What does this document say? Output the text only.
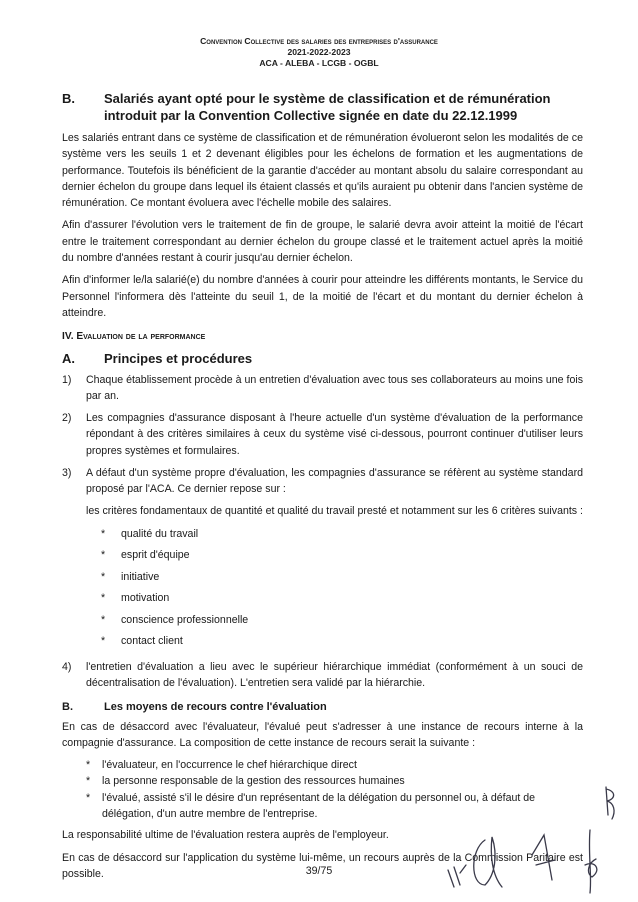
Convention Collective des salaries des entreprises d'assurance
2021-2022-2023
ACA - ALEBA - LCGB - OGBL
B.	Salariés ayant opté pour le système de classification et de rémunération introduit par la Convention Collective signée en date du 22.12.1999

Les salariés entrant dans ce système de classification et de rémunération évolueront selon les modalités de ce système vers les seuils 1 et 2 devenant éligibles pour les échelons de formation et les augmentations de performance. Toutefois ils bénéficient de la garantie d'accéder au montant absolu du salaire correspondant au dernier échelon du groupe dans lequel ils étaient classés et qu'ils auraient pu obtenir dans l'ancien système de rémunération. Ce montant évoluera avec l'échelle mobile des salaires.

Afin d'assurer l'évolution vers le traitement de fin de groupe, le salarié devra avoir atteint la moitié de l'écart entre le traitement correspondant au dernier échelon du groupe classé et le traitement actuel après la moitié du nombre d'années restant à courir jusqu'au dernier échelon.

Afin d'informer le/la salarié(e) du nombre d'années à courir pour atteindre les différents montants, le Service du Personnel l'informera dès l'atteinte du seuil 1, de la moitié de l'écart et du montant du dernier échelon à atteindre.

IV. Evaluation de la performance
A.	Principes et procédures
1)	Chaque établissement procède à un entretien d'évaluation avec tous ses collaborateurs au moins une fois par an.
2)	Les compagnies d'assurance disposant à l'heure actuelle d'un système d'évaluation de la performance répondant à des critères similaires à ceux du système visé ci-dessous, pourront continuer d'utiliser leurs propres systèmes et formulaires.
3)	A défaut d'un système propre d'évaluation, les compagnies d'assurance se réfèrent au système standard proposé par l'ACA. Ce dernier repose sur :

les critères fondamentaux de quantité et qualité du travail presté et notamment sur les 6 critères suivants :

*	qualité du travail
*	esprit d'équipe
*	initiative
*	motivation
*	conscience professionnelle
*	contact client
4)	l'entretien d'évaluation a lieu avec le supérieur hiérarchique immédiat (conformément à un souci de décentralisation de l'évaluation). L'entretien sera validé par la hiérarchie.
B.	Les moyens de recours contre l'évaluation

En cas de désaccord avec l'évaluateur, l'évalué peut s'adresser à une instance de recours interne à la compagnie d'assurance. La composition de cette instance de recours serait la suivante :

*	l'évaluateur, en l'occurrence le chef hiérarchique direct
*	la personne responsable de la gestion des ressources humaines
*	l'évalué, assisté s'il le désire d'un représentant de la délégation du personnel ou, à défaut de délégation, d'un autre membre de l'entreprise.

La responsabilité ultime de l'évaluation restera auprès de l'employeur.

En cas de désaccord sur l'application du système lui-même, un recours auprès de la Commission Paritaire est possible.	39/75
